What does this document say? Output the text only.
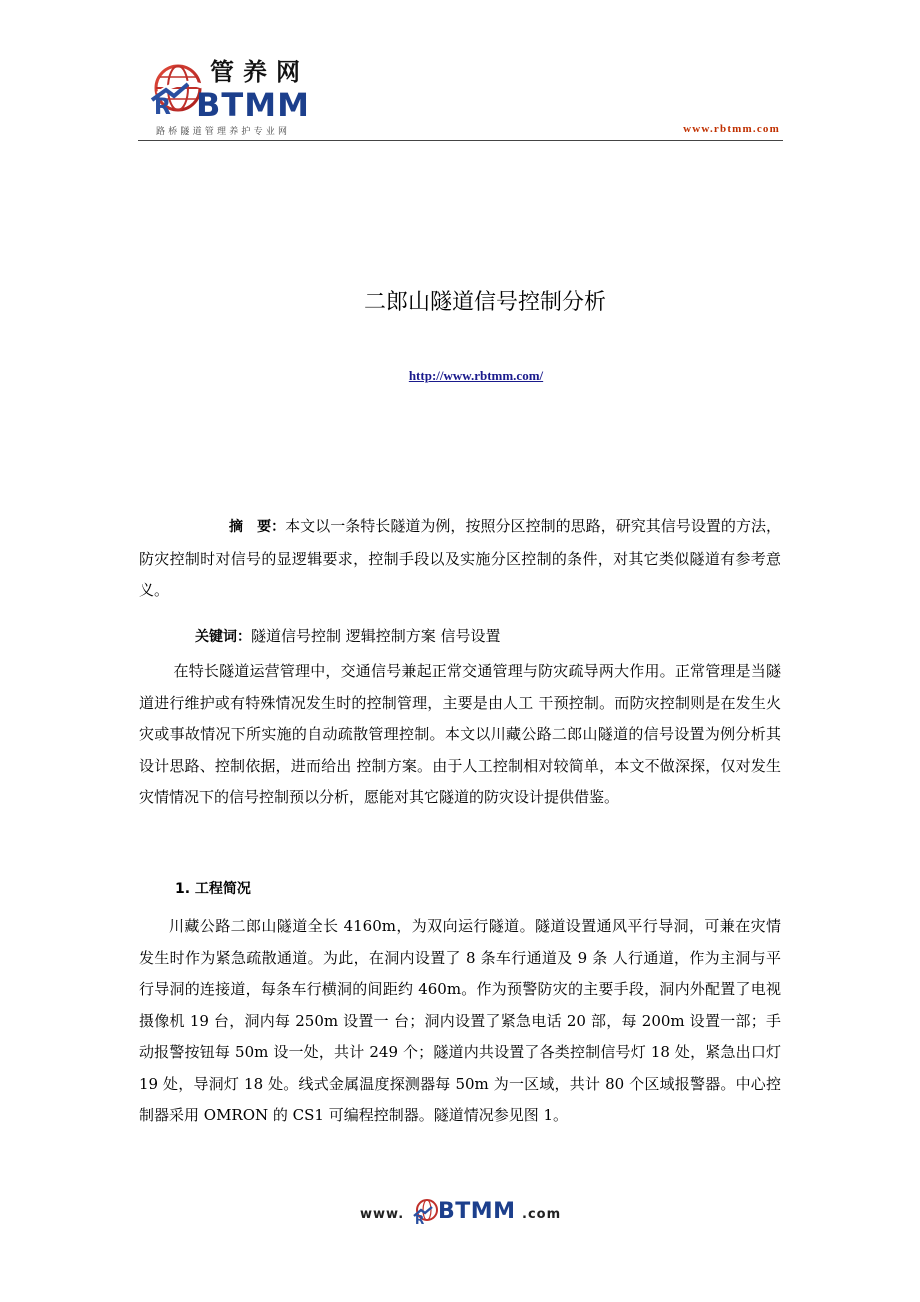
R
管养网
BTMM
路桥隧道管理养护专业网	www.rbtmm.com
二郎山隧道信号控制分析
http://www.rbtmm.com/
摘　要：本文以一条特长隧道为例，按照分区控制的思路，研究其信号设置的方法，防灾控制时对信号的显逻辑要求，控制手段以及实施分区控制的条件，对其它类似隧道有参考意义。
关键词：隧道信号控制 逻辑控制方案 信号设置
在特长隧道运营管理中，交通信号兼起正常交通管理与防灾疏导两大作用。正常管理是当隧道进行维护或有特殊情况发生时的控制管理，主要是由人工 干预控制。而防灾控制则是在发生火灾或事故情况下所实施的自动疏散管理控制。本文以川藏公路二郎山隧道的信号设置为例分析其设计思路、控制依据，进而给出 控制方案。由于人工控制相对较简单，本文不做深探，仅对发生灾情情况下的信号控制预以分析，愿能对其它隧道的防灾设计提供借鉴。
1. 工程简况
川藏公路二郎山隧道全长 4160m，为双向运行隧道。隧道设置通风平行导洞，可兼在灾情发生时作为紧急疏散通道。为此，在洞内设置了 8 条车行通道及 9 条 人行通道，作为主洞与平行导洞的连接道，每条车行横洞的间距约 460m。作为预警防灾的主要手段，洞内外配置了电视摄像机 19 台，洞内每 250m 设置一 台；洞内设置了紧急电话 20 部，每 200m 设置一部；手动报警按钮每 50m 设一处，共计 249 个；隧道内共设置了各类控制信号灯 18 处，紧急出口灯 19 处，导洞灯 18 处。线式金属温度探测器每 50m 为一区域，共计 80 个区域报警器。中心控制器采用 OMRON 的 CS1 可编程控制器。隧道情况参见图 1。
www. R BTMM .com
